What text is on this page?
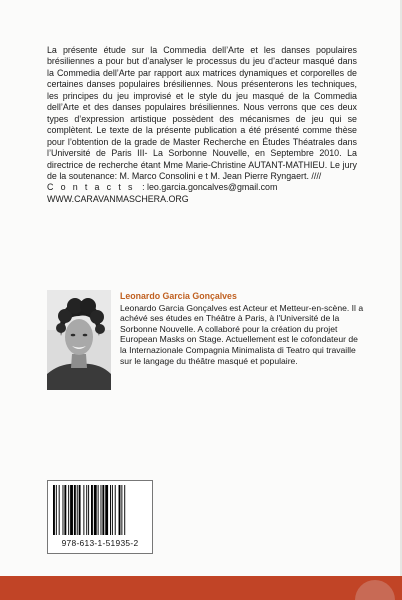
La présente étude sur la Commedia dell’Arte et les danses populaires brésiliennes a pour but d’analyser le processus du jeu d’acteur masqué dans la Commedia dell’Arte par rapport aux matrices dynamiques et corporelles de certaines danses populaires brésiliennes. Nous présenterons les techniques, les principes du jeu improvisé et le style du jeu masqué de la Commedia dell’Arte et des danses populaires brésiliennes. Nous verrons que ces deux types d’expression artistique possèdent des mécanismes de jeu qui se complètent. Le texte de la présente publication a été présenté comme thèse pour l’obtention de la grade de Master Recherche en Études Théatrales dans l’Université de Paris III- La Sorbonne Nouvelle, en Septembre 2010. La directrice de recherche étant Mme Marie-Christine AUTANT-MATHIEU. Le jury de la soutenance: M. Marco Consolini e t M. Jean Pierre Ryngaert. ////

Contacts : leo.garcia.goncalves@gmail.com

WWW.CARAVANMASCHERA.ORG

Leonardo Garcia Gonçalves

Leonardo Garcia Gonçalves est Acteur et Metteur-en-scène. Il a achévé ses études en Théâtre à Paris, à l'Université de la Sorbonne Nouvelle. A collaboré pour la création du projet European Masks on Stage. Actuellement est le cofondateur de la Internazionale Compagnia Minimalista di Teatro qui travaille sur le langage du théâtre masqué et populaire.

978-613-1-51935-2
